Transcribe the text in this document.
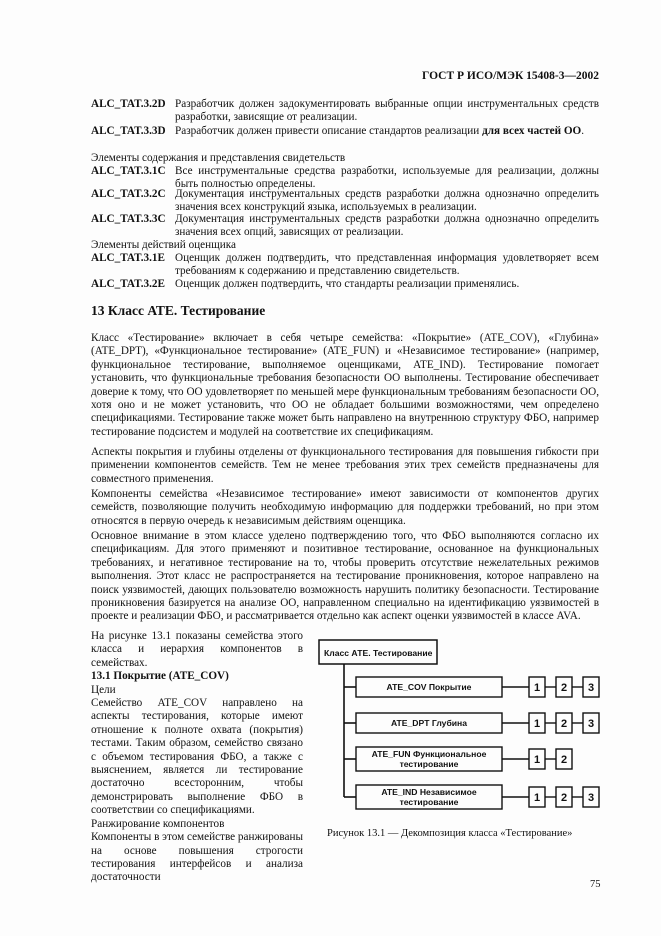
ГОСТ Р ИСО/МЭК 15408-3—2002
ALC_TAT.3.2D Разработчик должен задокументировать выбранные опции инструментальных средств разработки, зависящие от реализации.
ALC_TAT.3.3D Разработчик должен привести описание стандартов реализации для всех частей ОО.
Элементы содержания и представления свидетельств
ALC_TAT.3.1C Все инструментальные средства разработки, используемые для реализации, должны быть полностью определены.
ALC_TAT.3.2C Документация инструментальных средств разработки должна однозначно определить значения всех конструкций языка, используемых в реализации.
ALC_TAT.3.3C Документация инструментальных средств разработки должна однозначно определить значения всех опций, зависящих от реализации.
Элементы действий оценщика
ALC_TAT.3.1E Оценщик должен подтвердить, что представленная информация удовлетворяет всем требованиям к содержанию и представлению свидетельств.
ALC_TAT.3.2E Оценщик должен подтвердить, что стандарты реализации применялись.
13 Класс АТЕ. Тестирование

Класс «Тестирование» включает в себя четыре семейства: «Покрытие» (ATE_COV), «Глубина» (ATE_DPT), «Функциональное тестирование» (ATE_FUN) и «Независимое тестирование» (например, функциональное тестирование, выполняемое оценщиками, ATE_IND). Тестирование помогает установить, что функциональные требования безопасности ОО выполнены. Тестирование обеспечивает доверие к тому, что ОО удовлетворяет по меньшей мере функциональным требованиям безопасности ОО, хотя оно и не может установить, что ОО не обладает большими возможностями, чем определено спецификациями. Тестирование также может быть направлено на внутреннюю структуру ФБО, например тестирование подсистем и модулей на соответствие их спецификациям.

Аспекты покрытия и глубины отделены от функционального тестирования для повышения гибкости при применении компонентов семейств. Тем не менее требования этих трех семейств предназначены для совместного применения.

Компоненты семейства «Независимое тестирование» имеют зависимости от компонентов других семейств, позволяющие получить необходимую информацию для поддержки требований, но при этом относятся в первую очередь к независимым действиям оценщика.

Основное внимание в этом классе уделено подтверждению того, что ФБО выполняются согласно их спецификациям. Для этого применяют и позитивное тестирование, основанное на функциональных требованиях, и негативное тестирование на то, чтобы проверить отсутствие нежелательных режимов выполнения. Этот класс не распространяется на тестирование проникновения, которое направлено на поиск уязвимостей, дающих пользователю возможность нарушить политику безопасности. Тестирование проникновения базируется на анализе ОО, направленном специально на идентификацию уязвимостей в проекте и реализации ФБО, и рассматривается отдельно как аспект оценки уязвимостей в классе AVA.

На рисунке 13.1 показаны семейства этого класса и иерархия компонентов в семействах.

13.1 Покрытие (ATE_COV)

Цели

Семейство ATE_COV направлено на аспекты тестирования, которые имеют отношение к полноте охвата (покрытия) тестами. Таким образом, семейство связано с объемом тестирования ФБО, а также с выяснением, является ли тестирование достаточно всесторонним, чтобы демонстрировать выполнение ФБО в соответствии со спецификациями.

Ранжирование компонентов

Компоненты в этом семействе ранжированы на основе повышения строгости тестирования интерфейсов и анализа достаточности

Класс АТЕ. Тестирование
ATE_COV Покрытие
ATE_DPT Глубина
ATE_FUN Функциональное
тестирование
ATE_IND Независимое
тестирование
1 2 3
1 2 3
1 2
1 2 3
Рисунок 13.1 — Декомпозиция класса «Тестирование»
75
